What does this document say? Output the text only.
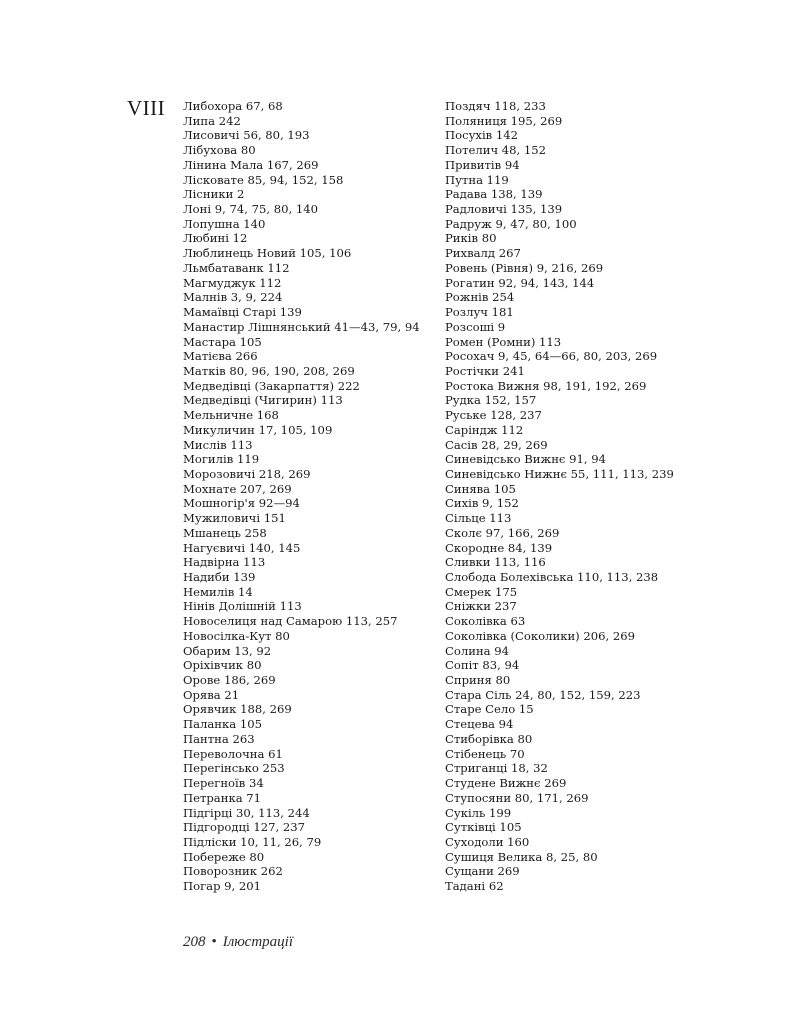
VIII Либохора 67, 68
Липа 242
Лисовичі 56, 80, 193
Лібухова 80
Лінина Мала 167, 269
Лісковате 85, 94, 152, 158
Лісники 2
Лоні 9, 74, 75, 80, 140
Лопушна 140
Любині 12
Люблинець Новий 105, 106
Льмбатаванк 112
Магмуджук 112
Малнів 3, 9, 224
Мамаївці Старі 139
Манастир Лішнянський 41—43, 79, 94
Мастара 105
Матієва 266
Матків 80, 96, 190, 208, 269
Медведівці (Закарпаття) 222
Медведівці (Чигирин) 113
Мельничне 168
Микуличин 17, 105, 109
Мислів 113
Могилів 119
Морозовичі 218, 269
Мохнате 207, 269
Мошногір'я 92—94
Мужиловичі 151
Мшанець 258
Нагуєвичі 140, 145
Надвірна 113
Надиби 139
Немилів 14
Нінів Долішній 113
Новоселиця над Самарою 113, 257
Новосілка-Кут 80
Обарим 13, 92
Оріхівчик 80
Орове 186, 269
Орява 21
Орявчик 188, 269
Паланка 105
Пантна 263
Переволочна 61
Перегінсько 253
Перегноїв 34
Петранка 71
Підгірці 30, 113, 244
Підгородці 127, 237
Підліски 10, 11, 26, 79
Побереже 80
Поворозник 262
Погар 9, 201
Поздяч 118, 233
Поляниця 195, 269
Посухів 142
Потелич 48, 152
Привитів 94
Путна 119
Радава 138, 139
Радловичі 135, 139
Радруж 9, 47, 80, 100
Риків 80
Рихвалд 267
Ровень (Рівня) 9, 216, 269
Рогатин 92, 94, 143, 144
Рожнів 254
Розлуч 181
Розсоші 9
Ромен (Ромни) 113
Росохач 9, 45, 64—66, 80, 203, 269
Ростічки 241
Ростока Вижня 98, 191, 192, 269
Рудка 152, 157
Руське 128, 237
Саріндж 112
Сасів 28, 29, 269
Синевідсько Вижнє 91, 94
Синевідсько Нижнє 55, 111, 113, 239
Синява 105
Сихів 9, 152
Сільце 113
Сколє 97, 166, 269
Скородне 84, 139
Сливки 113, 116
Слобода Болехівська 110, 113, 238
Смерек 175
Сніжки 237
Соколівка 63
Соколівка (Соколики) 206, 269
Солина 94
Сопіт 83, 94
Сприня 80
Стара Сіль 24, 80, 152, 159, 223
Старе Село 15
Стецева 94
Стиборівка 80
Стібенець 70
Стриганці 18, 32
Студене Вижнє 269
Ступосяни 80, 171, 269
Сукіль 199
Сутківці 105
Суходоли 160
Сушиця Велика 8, 25, 80
Сущани 269
Тадані 62
208 • Ілюстрації
